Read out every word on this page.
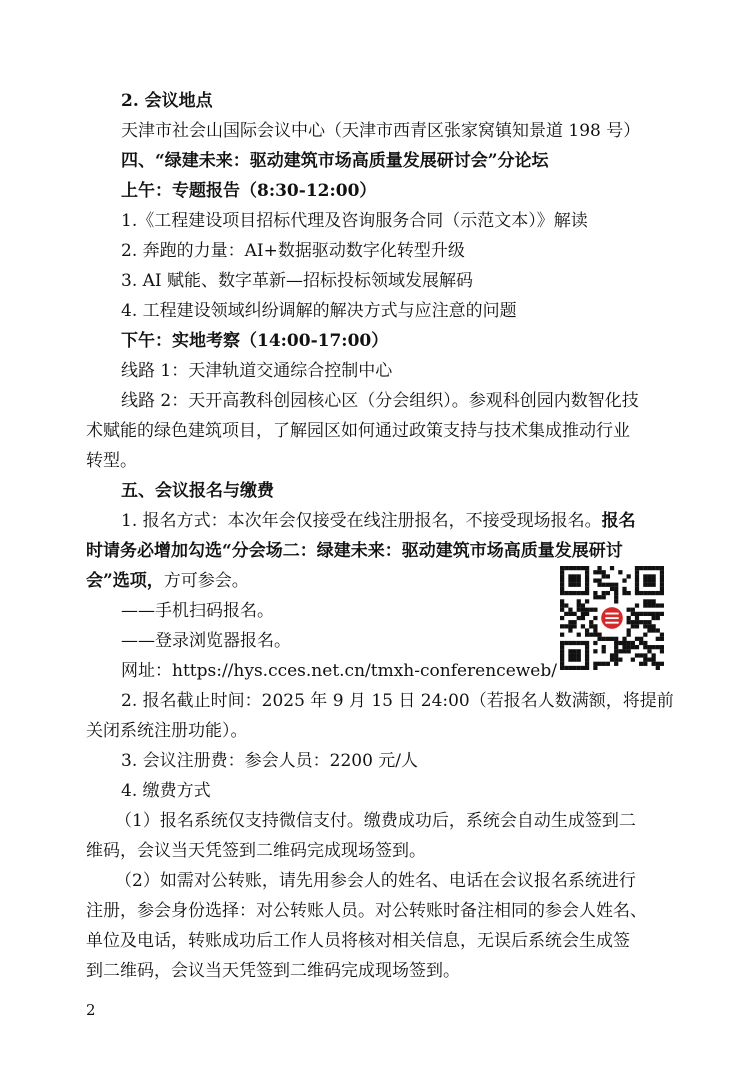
2. 会议地点
天津市社会山国际会议中心（天津市西青区张家窝镇知景道 198 号）
四、“绿建未来：驱动建筑市场高质量发展研讨会”分论坛
上午：专题报告（8:30-12:00）
1.《工程建设项目招标代理及咨询服务合同（示范文本）》解读
2. 奔跑的力量：AI+数据驱动数字化转型升级
3. AI 赋能、数字革新—招标投标领域发展解码
4. 工程建设领域纠纷调解的解决方式与应注意的问题
下午：实地考察（14:00-17:00）
线路 1：天津轨道交通综合控制中心
线路 2：天开高教科创园核心区（分会组织）。参观科创园内数智化技
术赋能的绿色建筑项目，了解园区如何通过政策支持与技术集成推动行业
转型。
五、会议报名与缴费
1. 报名方式：本次年会仅接受在线注册报名，不接受现场报名。报名
时请务必增加勾选“分会场二：绿建未来：驱动建筑市场高质量发展研讨
会”选项，方可参会。
——手机扫码报名。
——登录浏览器报名。
网址：https://hys.cces.net.cn/tmxh-conferenceweb/
2. 报名截止时间：2025 年 9 月 15 日 24:00（若报名人数满额，将提前
关闭系统注册功能）。
3. 会议注册费：参会人员：2200 元/人
4. 缴费方式
（1）报名系统仅支持微信支付。缴费成功后，系统会自动生成签到二
维码，会议当天凭签到二维码完成现场签到。
（2）如需对公转账，请先用参会人的姓名、电话在会议报名系统进行
注册，参会身份选择：对公转账人员。对公转账时备注相同的参会人姓名、
单位及电话，转账成功后工作人员将核对相关信息，无误后系统会生成签
到二维码，会议当天凭签到二维码完成现场签到。
2
